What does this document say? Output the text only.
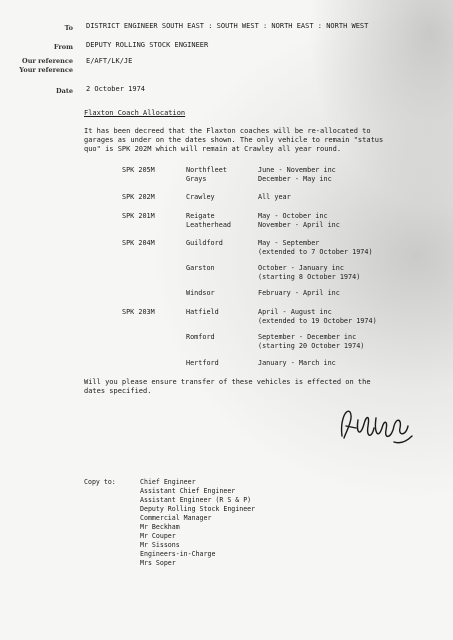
To DISTRICT ENGINEER SOUTH EAST : SOUTH WEST : NORTH EAST : NORTH WEST
From DEPUTY ROLLING STOCK ENGINEER
Our reference E/AFT/LK/JE
Your reference
Date 2 October 1974
Flaxton Coach Allocation
It has been decreed that the Flaxton coaches will be re-allocated to
garages as under on the dates shown. The only vehicle to remain "status
quo" is SPK 202M which will remain at Crawley all year round.
SPK 205M	Northfleet	June - November inc
Grays	December - May inc
SPK 202M	Crawley	All year
SPK 201M	Reigate	May - October inc
Leatherhead	November - April inc
SPK 204M	Guildford	May - September
(extended to 7 October 1974)
Garston	October - January inc
(starting 8 October 1974)
Windsor	February - April inc
SPK 203M	Hatfield	April - August inc
(extended to 19 October 1974)
Romford	September - December inc
(starting 20 October 1974)
Hertford	January - March inc
Will you please ensure transfer of these vehicles is effected on the
dates specified.
Copy to:	Chief Engineer
Assistant Chief Engineer
Assistant Engineer (R S & P)
Deputy Rolling Stock Engineer
Commercial Manager
Mr Beckham
Mr Couper
Mr Sissons
Engineers-in-Charge
Mrs Soper
